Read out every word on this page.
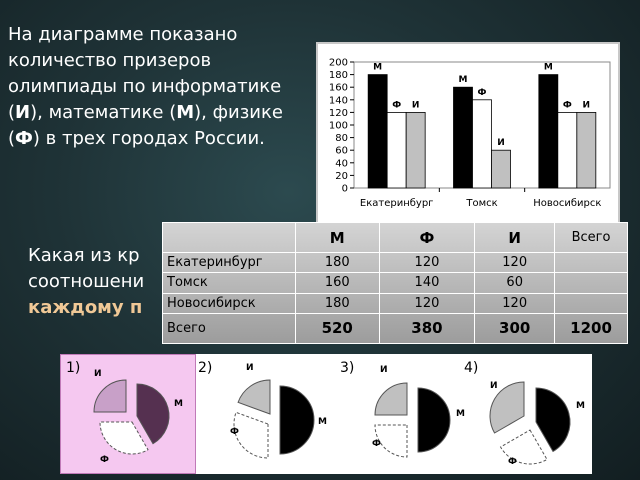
На диаграмме показано количество призеров олимпиады по информатике (И), математике (М), физике (Ф) в трех городах России.
Какая из кр
соотношени
каждому п
0
20
40
60
80
100
120
140
160
180
200	М
Ф И
Екатеринбург
М
Ф
И
Томск
М
Ф И
Новосибирск
	М	Ф	И	Всего
Екатеринбург	180	120	120	
Томск	160	140	60	
Новосибирск	180	120	120	
Всего	520	380	300	1200
1) И
М
Ф
2)	И
М
Ф
3)	И
М
Ф
4)
И
М
Ф
